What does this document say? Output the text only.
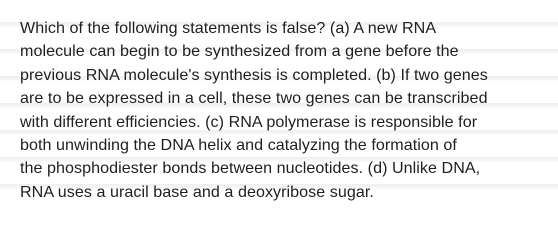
Which of the following statements is false? (a) A new RNA
molecule can begin to be synthesized from a gene before the
previous RNA molecule's synthesis is completed. (b) If two genes
are to be expressed in a cell, these two genes can be transcribed
with different efficiencies. (c) RNA polymerase is responsible for
both unwinding the DNA helix and catalyzing the formation of
the phosphodiester bonds between nucleotides. (d) Unlike DNA,
RNA uses a uracil base and a deoxyribose sugar.
